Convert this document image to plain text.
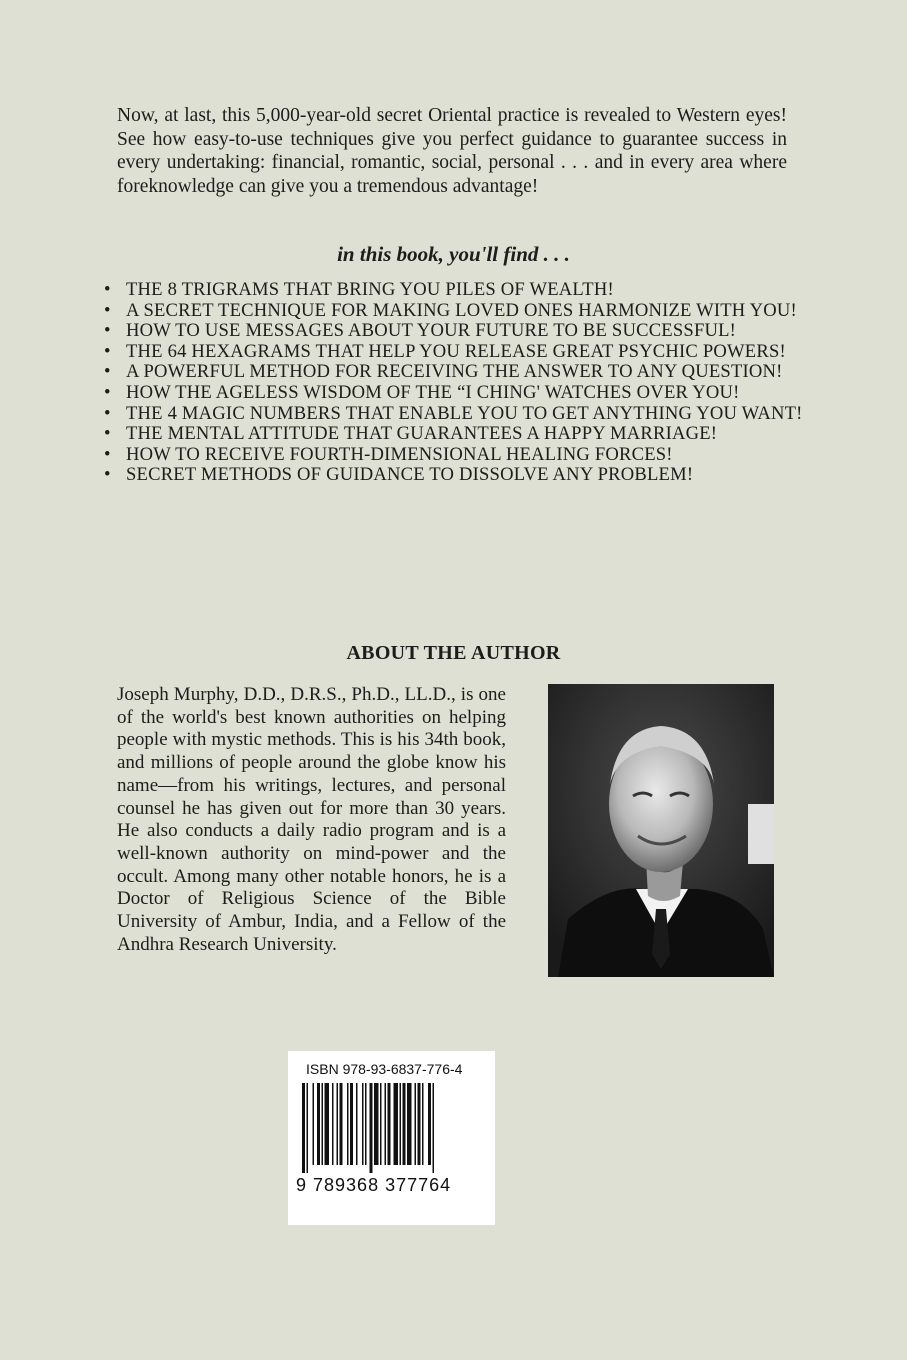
Now, at last, this 5,000-year-old secret Oriental practice is revealed to Western eyes! See how easy-to-use techniques give you perfect guidance to guarantee success in every undertaking: financial, romantic, social, personal . . . and in every area where foreknowledge can give you a tremendous advantage!

in this book, you'll find . . .

• THE 8 TRIGRAMS THAT BRING YOU PILES OF WEALTH!
• A SECRET TECHNIQUE FOR MAKING LOVED ONES HARMONIZE WITH YOU!
• HOW TO USE MESSAGES ABOUT YOUR FUTURE TO BE SUCCESSFUL!
• THE 64 HEXAGRAMS THAT HELP YOU RELEASE GREAT PSYCHIC POWERS!
• A POWERFUL METHOD FOR RECEIVING THE ANSWER TO ANY QUESTION!
• HOW THE AGELESS WISDOM OF THE “I CHING' WATCHES OVER YOU!
• THE 4 MAGIC NUMBERS THAT ENABLE YOU TO GET ANYTHING YOU WANT!
• THE MENTAL ATTITUDE THAT GUARANTEES A HAPPY MARRIAGE!
• HOW TO RECEIVE FOURTH-DIMENSIONAL HEALING FORCES!
• SECRET METHODS OF GUIDANCE TO DISSOLVE ANY PROBLEM!

ABOUT THE AUTHOR

Joseph Murphy, D.D., D.R.S., Ph.D., LL.D., is one of the world's best known authorities on helping people with mystic methods. This is his 34th book, and millions of people around the globe know his name—from his writings, lectures, and personal counsel he has given out for more than 30 years. He also conducts a daily radio program and is a well-known authority on mind-power and the occult. Among many other notable honors, he is a Doctor of Religious Science of the Bible University of Ambur, India, and a Fellow of the Andhra Research University.

ISBN 978-93-6837-776-4

9 789368 377764
